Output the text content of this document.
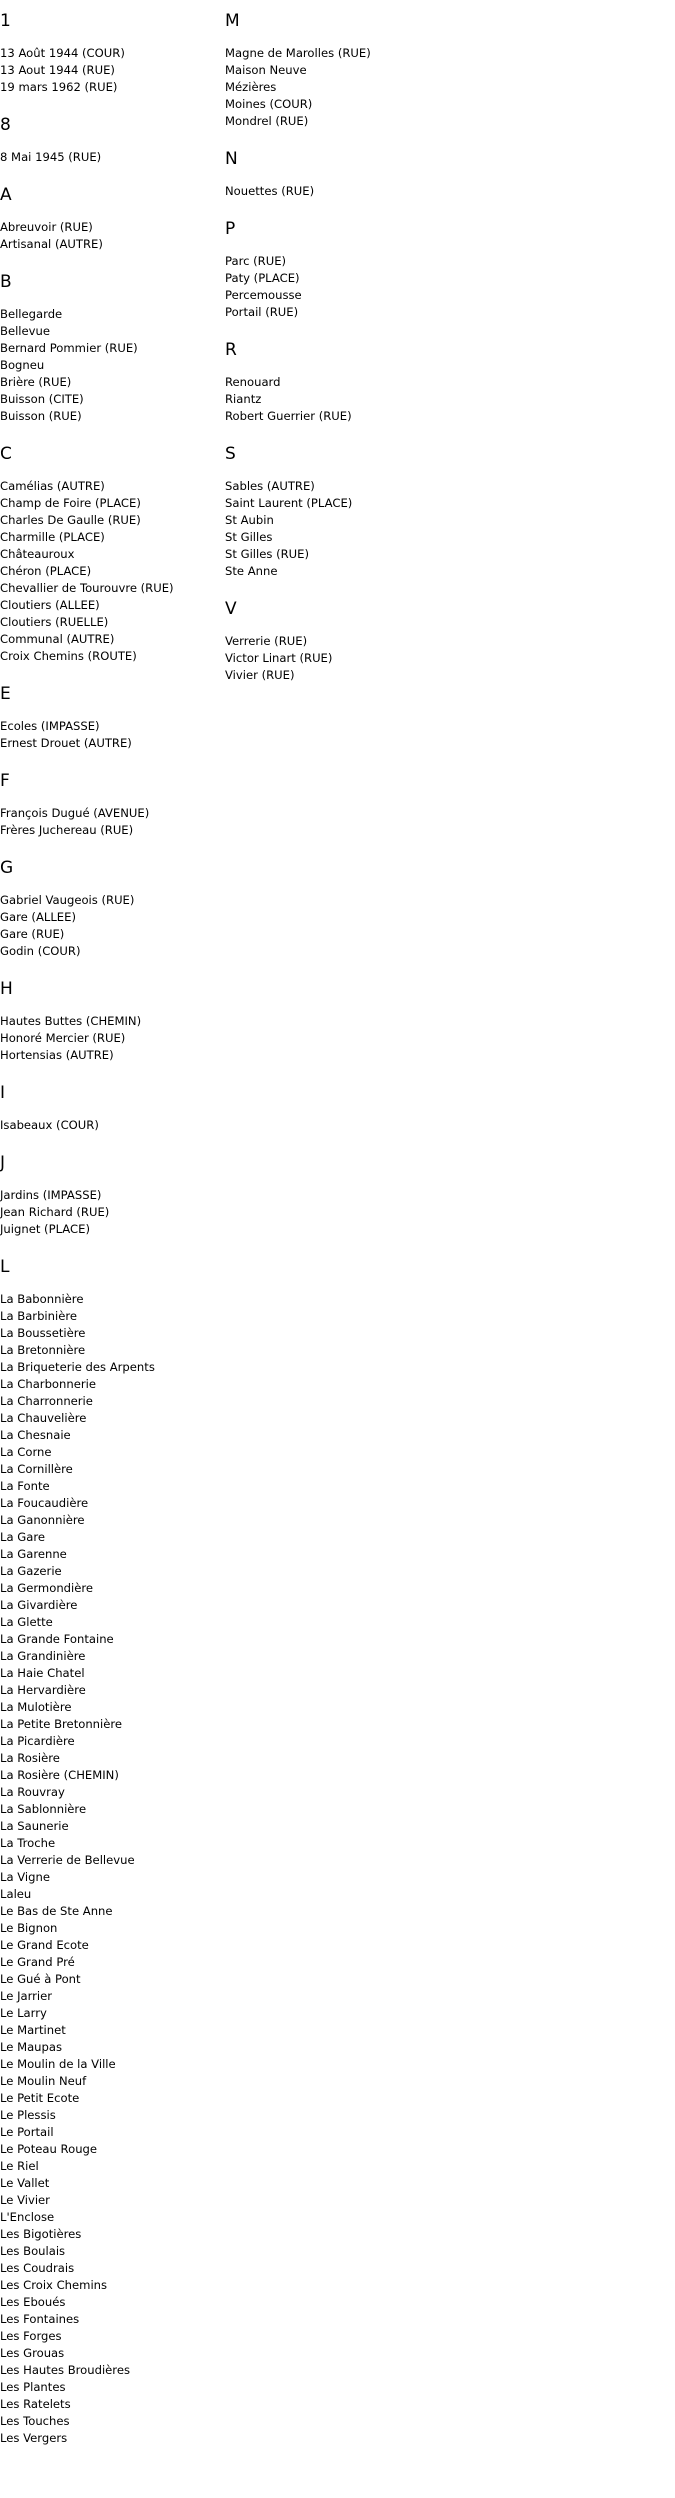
1
13 Août 1944 (COUR)
13 Aout 1944 (RUE)
19 mars 1962 (RUE)
8
8 Mai 1945 (RUE)
A
Abreuvoir (RUE)
Artisanal (AUTRE)
B
Bellegarde
Bellevue
Bernard Pommier (RUE)
Bogneu
Brière (RUE)
Buisson (CITE)
Buisson (RUE)
C
Camélias (AUTRE)
Champ de Foire (PLACE)
Charles De Gaulle (RUE)
Charmille (PLACE)
Châteauroux
Chéron (PLACE)
Chevallier de Tourouvre (RUE)
Cloutiers (ALLEE)
Cloutiers (RUELLE)
Communal (AUTRE)
Croix Chemins (ROUTE)
E
Ecoles (IMPASSE)
Ernest Drouet (AUTRE)
F
François Dugué (AVENUE)
Frères Juchereau (RUE)
G
Gabriel Vaugeois (RUE)
Gare (ALLEE)
Gare (RUE)
Godin (COUR)
H
Hautes Buttes (CHEMIN)
Honoré Mercier (RUE)
Hortensias (AUTRE)
I
Isabeaux (COUR)
J
Jardins (IMPASSE)
Jean Richard (RUE)
Juignet (PLACE)
L
La Babonnière
La Barbinière
La Boussetière
La Bretonnière
La Briqueterie des Arpents
La Charbonnerie
La Charronnerie
La Chauvelière
La Chesnaie
La Corne
La Cornillère
La Fonte
La Foucaudière
La Ganonnière
La Gare
La Garenne
La Gazerie
La Germondière
La Givardière
La Glette
La Grande Fontaine
La Grandinière
La Haie Chatel
La Hervardière
La Mulotière
La Petite Bretonnière
La Picardière
La Rosière
La Rosière (CHEMIN)
La Rouvray
La Sablonnière
La Saunerie
La Troche
La Verrerie de Bellevue
La Vigne
Laleu
Le Bas de Ste Anne
Le Bignon
Le Grand Ecote
Le Grand Pré
Le Gué à Pont
Le Jarrier
Le Larry
Le Martinet
Le Maupas
Le Moulin de la Ville
Le Moulin Neuf
Le Petit Ecote
Le Plessis
Le Portail
Le Poteau Rouge
Le Riel
Le Vallet
Le Vivier
L'Enclose
Les Bigotières
Les Boulais
Les Coudrais
Les Croix Chemins
Les Eboués
Les Fontaines
Les Forges
Les Grouas
Les Hautes Broudières
Les Plantes
Les Ratelets
Les Touches
Les Vergers
M
Magne de Marolles (RUE)
Maison Neuve
Mézières
Moines (COUR)
Mondrel (RUE)
N
Nouettes (RUE)
P
Parc (RUE)
Paty (PLACE)
Percemousse
Portail (RUE)
R
Renouard
Riantz
Robert Guerrier (RUE)
S
Sables (AUTRE)
Saint Laurent (PLACE)
St Aubin
St Gilles
St Gilles (RUE)
Ste Anne
V
Verrerie (RUE)
Victor Linart (RUE)
Vivier (RUE)
